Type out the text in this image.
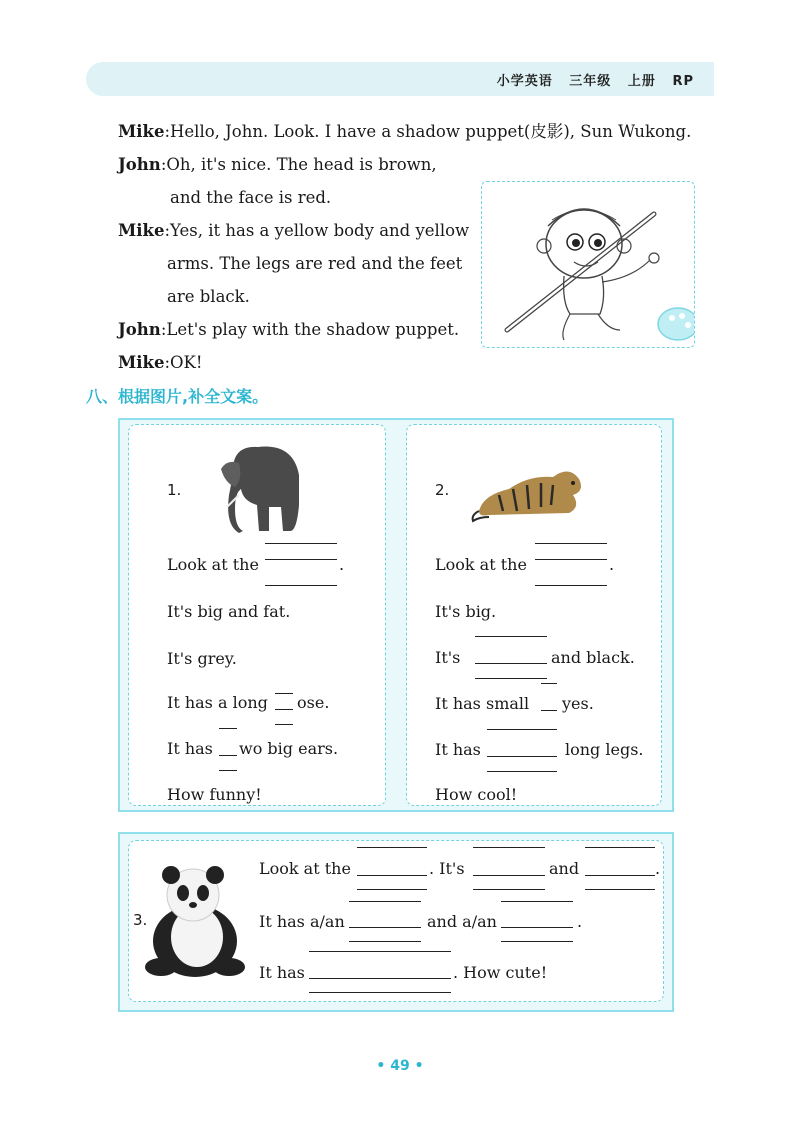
小学英语   三年级   上册   RP
Mike:Hello, John. Look. I have a shadow puppet(皮影), Sun Wukong.
John:Oh, it's nice. The head is brown,
and the face is red.
Mike:Yes, it has a yellow body and yellow
arms. The legs are red and the feet
are black.
John:Let's play with the shadow puppet.
Mike:OK!
八、根据图片,补全文案。
1.
Look at the	.
It's big and fat.
It's grey.
It has a long ose.
It has wo big ears.
How funny!
2.
Look at the	.
It's big.
It's	and black.
It has small yes.
It has	long legs.
How cool!
3.
Look at the	. It's	and	.
It has a/an	and a/an	.
It has	. How cute!
• 49 •
